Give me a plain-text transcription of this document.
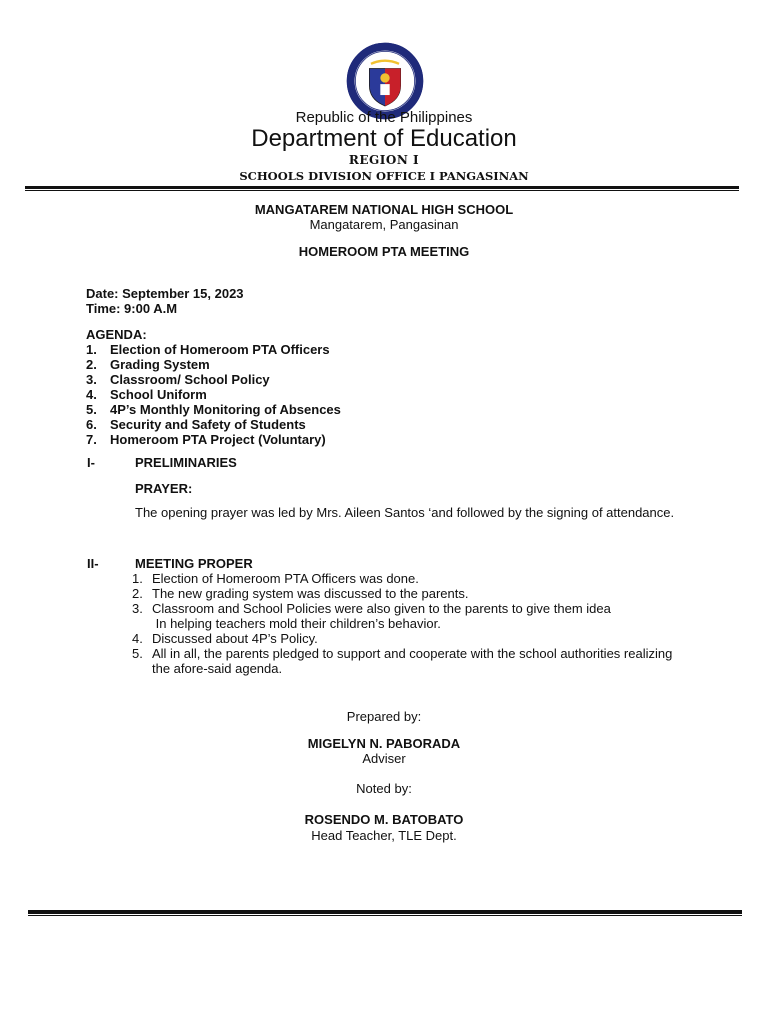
Republic of the Philippines
Department of Education
REGION I
SCHOOLS DIVISION OFFICE I PANGASINAN
MANGATAREM NATIONAL HIGH SCHOOL
Mangatarem, Pangasinan
HOMEROOM PTA MEETING
Date: September 15, 2023
Time: 9:00 A.M
AGENDA:
1. Election of Homeroom PTA Officers
2. Grading System
3. Classroom/ School Policy
4. School Uniform
5. 4P’s Monthly Monitoring of Absences
6. Security and Safety of Students
7. Homeroom PTA Project (Voluntary)
I-	PRELIMINARIES
PRAYER:
The opening prayer was led by Mrs. Aileen Santos ‘and followed by the signing of attendance.
II-	MEETING PROPER
1. Election of Homeroom PTA Officers was done.
2. The new grading system was discussed to the parents.
3. Classroom and School Policies were also given to the parents to give them idea
In helping teachers mold their children’s behavior.
4. Discussed about 4P’s Policy.
5. All in all, the parents pledged to support and cooperate with the school authorities realizing
the afore-said agenda.
Prepared by:
MIGELYN N. PABORADA
Adviser
Noted by:
ROSENDO M. BATOBATO
Head Teacher, TLE Dept.
